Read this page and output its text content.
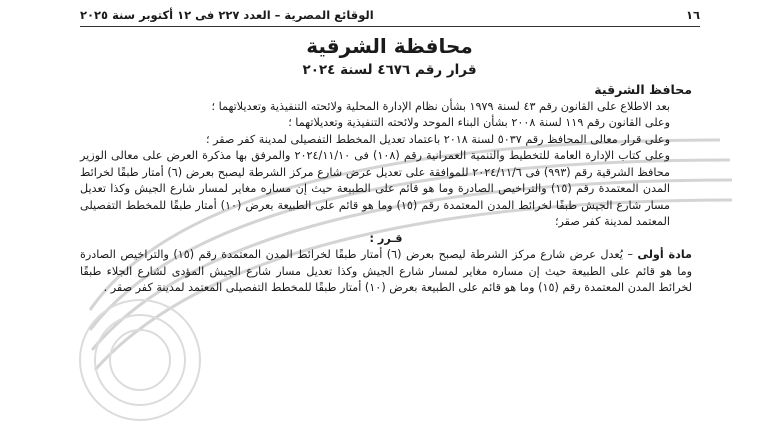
١٦
الوقائع المصرية – العدد ٢٢٧ فى ١٢ أكتوبر سنة ٢٠٢٥
محافظة الشرقية
قرار رقم ٤٦٧٦ لسنة ٢٠٢٤

محافظ الشرقية

بعد الاطلاع على القانون رقم ٤٣ لسنة ١٩٧٩ بشأن نظام الإدارة المحلية ولائحته التنفيذية وتعديلاتهما ؛

وعلى القانون رقم ١١٩ لسنة ٢٠٠٨ بشأن البناء الموحد ولائحته التنفيذية وتعديلاتهما ؛

وعلى قرار معالى المحافظ رقم ٥٠٣٧ لسنة ٢٠١٨ باعتماد تعديل المخطط التفصيلى لمدينة كفر صقر ؛

وعلى كتاب الإدارة العامة للتخطيط والتنمية العمرانية رقم (١٠٨) فى ٢٠٢٤/١١/١٠ والمرفق بها مذكرة العرض على معالى الوزير محافظ الشرقية رقم (٩٩٣) فى ٢٠٢٤/١١/٦ للموافقة على تعديل عرض شارع مركز الشرطة ليصبح بعرض (٦) أمتار طبقًا لخرائط المدن المعتمدة رقم (١٥) والتراخيص الصادرة وما هو قائم على الطبيعة حيث إن مساره مغاير لمسار شارع الجيش وكذا تعديل مسار شارع الجيش طبقًا لخرائط المدن المعتمدة رقم (١٥) وما هو قائم على الطبيعة بعرض (١٠) أمتار طبقًا للمخطط التفصيلى المعتمد لمدينة كفر صقر؛

قـرر :

مادة أولى – يُعدل عرض شارع مركز الشرطة ليصبح بعرض (٦) أمتار طبقًا لخرائط المدن المعتمدة رقم (١٥) والتراخيص الصادرة وما هو قائم على الطبيعة حيث إن مساره مغاير لمسار شارع الجيش وكذا تعديل مسار شارع الجيش المؤدى لشارع الجلاء طبقًا لخرائط المدن المعتمدة رقم (١٥) وما هو قائم على الطبيعة بعرض (١٠) أمتار طبقًا للمخطط التفصيلى المعتمد لمدينة كفر صقر .
